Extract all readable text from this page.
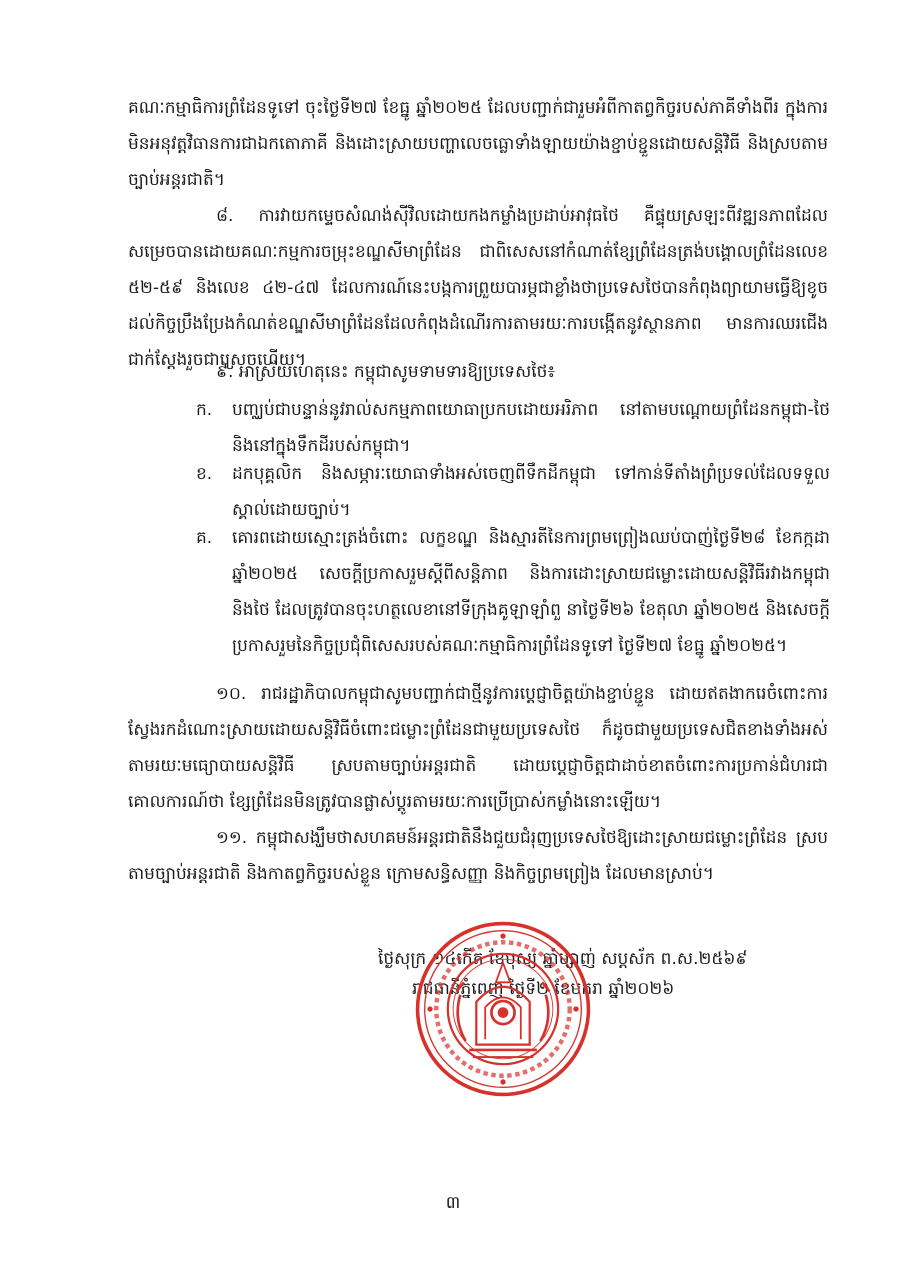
គណៈកម្មាធិការព្រំដែនទូទៅ ចុះថ្ងៃទី២៧ ខែធ្នូ ឆ្នាំ២០២៥ ដែលបញ្ជាក់ជារួមអំពីកាតព្វកិច្ចរបស់ភាគីទាំងពីរ ក្នុងការមិនអនុវត្តវិធានការជាឯកតោភាគី និងដោះស្រាយបញ្ហាលេចធ្លោទាំងឡាយយ៉ាងខ្ជាប់ខ្ជួនដោយសន្តិវិធី និងស្របតាមច្បាប់អន្តរជាតិ។

៨. ការវាយកម្ទេចសំណង់ស៊ីវិលដោយកងកម្លាំងប្រដាប់អាវុធថៃ គឺផ្ទុយស្រឡះពីវឌ្ឍនភាពដែលសម្រេចបានដោយគណៈកម្មការចម្រុះខណ្ឌសីមាព្រំដែន ជាពិសេសនៅកំណាត់ខ្សែព្រំដែនត្រង់បង្គោលព្រំដែនលេខ ៥២-៥៩ និងលេខ ៤២-៤៧ ដែលការណ៍នេះបង្កការព្រួយបារម្ភជាខ្លាំងថាប្រទេសថៃបានកំពុងព្យាយាមធ្វើឱ្យខូចដល់កិច្ចប្រឹងប្រែងកំណត់ខណ្ឌសីមាព្រំដែនដែលកំពុងដំណើរការតាមរយៈការបង្កើតនូវស្ថានភាព មានការឈរជើងជាក់ស្តែងរួចជាស្រេចហើយ។

៩. អាស្រ័យហេតុនេះ កម្ពុជាសូមទាមទារឱ្យប្រទេសថៃ៖

ក. បញ្ឈប់ជាបន្ទាន់នូវរាល់សកម្មភាពយោធាប្រកបដោយអរិភាព នៅតាមបណ្តោយព្រំដែនកម្ពុជា-ថៃ និងនៅក្នុងទឹកដីរបស់កម្ពុជា។
ខ. ដកបុគ្គលិក និងសម្ភារៈយោធាទាំងអស់ចេញពីទឹកដីកម្ពុជា ទៅកាន់ទីតាំងព្រំប្រទល់ដែលទទួលស្គាល់ដោយច្បាប់។
គ. គោរពដោយស្មោះត្រង់ចំពោះ លក្ខខណ្ឌ និងស្មារតីនៃការព្រមព្រៀងឈប់បាញ់ថ្ងៃទី២៨ ខែកក្កដា ឆ្នាំ២០២៥ សេចក្តីប្រកាសរួមស្តីពីសន្តិភាព និងការដោះស្រាយជម្លោះដោយសន្តិវិធីរវាងកម្ពុជា និងថៃ ដែលត្រូវបានចុះហត្ថលេខានៅទីក្រុងគូឡាឡាំពួ នាថ្ងៃទី២៦ ខែតុលា ឆ្នាំ២០២៥ និងសេចក្តីប្រកាសរួមនៃកិច្ចប្រជុំពិសេសរបស់គណៈកម្មាធិការព្រំដែនទូទៅ ថ្ងៃទី២៧ ខែធ្នូ ឆ្នាំ២០២៥។

១០. រាជរដ្ឋាភិបាលកម្ពុជាសូមបញ្ជាក់ជាថ្មីនូវការប្តេជ្ញាចិត្តយ៉ាងខ្ជាប់ខ្ជួន ដោយឥតងាករេចំពោះការស្វែងរកដំណោះស្រាយដោយសន្តិវិធីចំពោះជម្លោះព្រំដែនជាមួយប្រទេសថៃ ក៏ដូចជាមួយប្រទេសជិតខាងទាំងអស់ តាមរយៈមធ្យោបាយសន្តិវិធី ស្របតាមច្បាប់អន្តរជាតិ ដោយប្តេជ្ញាចិត្តជាដាច់ខាតចំពោះការប្រកាន់ជំហរជាគោលការណ៍ថា ខ្សែព្រំដែនមិនត្រូវបានផ្លាស់ប្តូរតាមរយៈការប្រើប្រាស់កម្លាំងនោះឡើយ។

១១. កម្ពុជាសង្ឃឹមថាសហគមន៍អន្តរជាតិនឹងជួយជំរុញប្រទេសថៃឱ្យដោះស្រាយជម្លោះព្រំដែន ស្របតាមច្បាប់អន្តរជាតិ និងកាតព្វកិច្ចរបស់ខ្លួន ក្រោមសន្ធិសញ្ញា និងកិច្ចព្រមព្រៀង ដែលមានស្រាប់។

ថ្ងៃសុក្រ ១៤កើត ខែបុស្ស ឆ្នាំម្សាញ់ សប្តស័ក ព.ស.២៥៦៩
រាជធានីភ្នំពេញ ថ្ងៃទី២ ខែមករា ឆ្នាំ២០២៦
៣
